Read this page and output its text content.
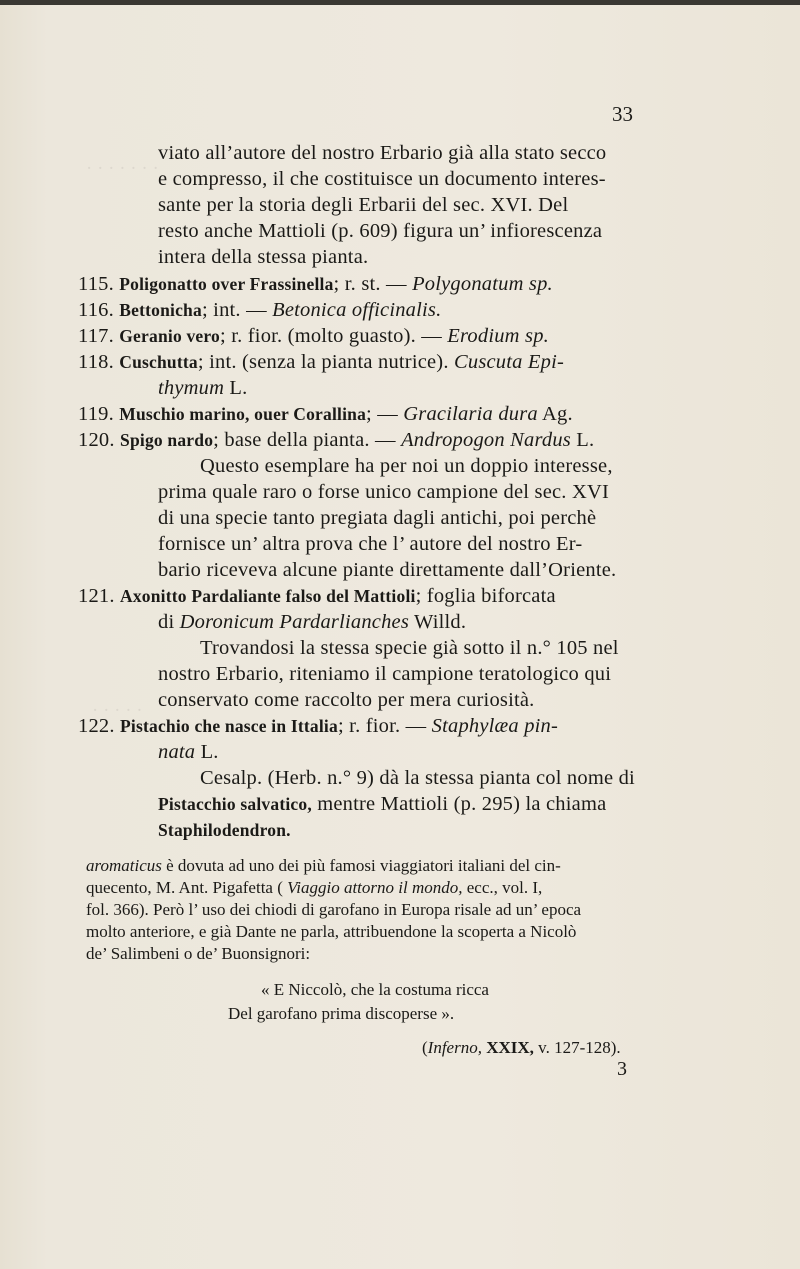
· · · · · · ·
· · · · ·
33
viato all’autore del nostro Erbario già alla stato secco
e compresso, il che costituisce un documento interes-
sante per la storia degli Erbarii del sec. XVI. Del
resto anche Mattioli (p. 609) figura un’ infiorescenza
intera della stessa pianta.
115. Poligonatto over Frassinella; r. st. — Polygonatum sp.
116. Bettonicha; int. — Betonica officinalis.
117. Geranio vero; r. fior. (molto guasto). — Erodium sp.
118. Cuschutta; int. (senza la pianta nutrice). Cuscuta Epi-
thymum L.
119. Muschio marino, ouer Corallina; — Gracilaria dura Ag.
120. Spigo nardo; base della pianta. — Andropogon Nardus L.
Questo esemplare ha per noi un doppio interesse,
prima quale raro o forse unico campione del sec. XVI
di una specie tanto pregiata dagli antichi, poi perchè
fornisce un’ altra prova che l’ autore del nostro Er-
bario riceveva alcune piante direttamente dall’Oriente.
121. Axonitto Pardaliante falso del Mattioli; foglia biforcata
di Doronicum Pardarlianches Willd.
Trovandosi la stessa specie già sotto il n.° 105 nel
nostro Erbario, riteniamo il campione teratologico qui
conservato come raccolto per mera curiosità.
122. Pistachio che nasce in Ittalia; r. fior. — Staphylæa pin-
nata L.
Cesalp. (Herb. n.° 9) dà la stessa pianta col nome di
Pistacchio salvatico, mentre Mattioli (p. 295) la chiama
Staphilodendron.
aromaticus è dovuta ad uno dei più famosi viaggiatori italiani del cin-
quecento, M. Ant. Pigafetta ( Viaggio attorno il mondo, ecc., vol. I,
fol. 366). Però l’ uso dei chiodi di garofano in Europa risale ad un’ epoca
molto anteriore, e già Dante ne parla, attribuendone la scoperta a Nicolò
de’ Salimbeni o de’ Buonsignori:
« E Niccolò, che la costuma ricca
Del garofano prima discoperse ».
(Inferno, XXIX, v. 127-128).
3
